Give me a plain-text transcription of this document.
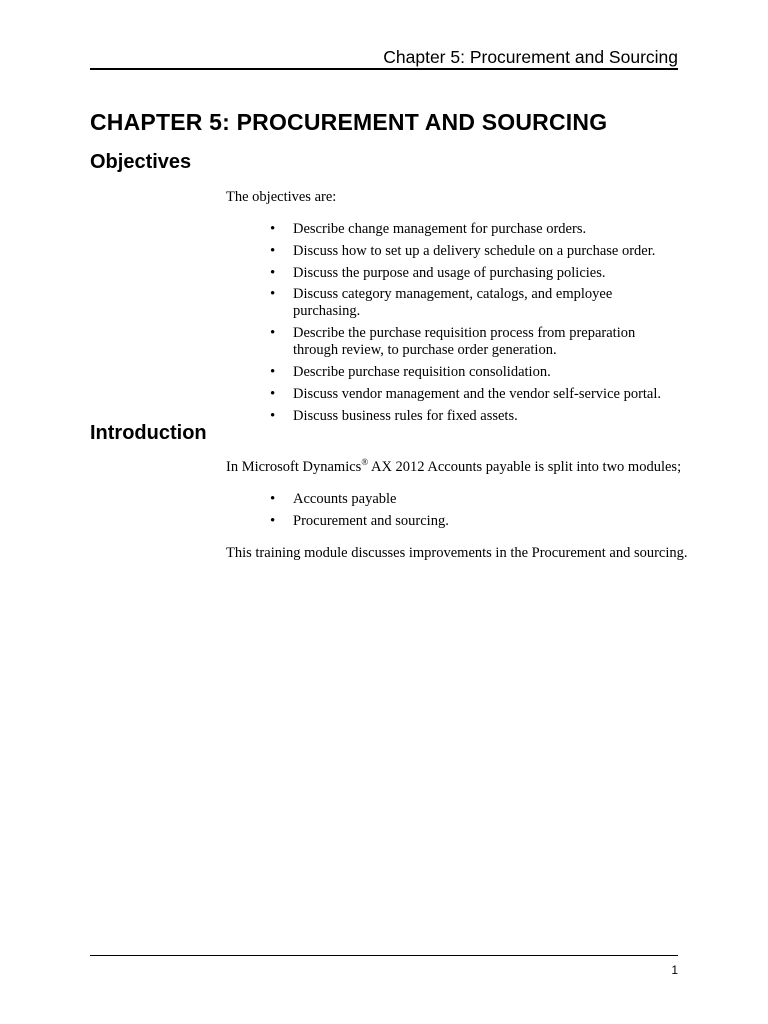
Chapter 5: Procurement and Sourcing
CHAPTER 5: PROCUREMENT AND SOURCING
Objectives

The objectives are:

• Describe change management for purchase orders.
• Discuss how to set up a delivery schedule on a purchase order.
• Discuss the purpose and usage of purchasing policies.
• Discuss category management, catalogs, and employee purchasing.
• Describe the purchase requisition process from preparation through review, to purchase order generation.
• Describe purchase requisition consolidation.
• Discuss vendor management and the vendor self-service portal.
• Discuss business rules for fixed assets.
Introduction

In Microsoft Dynamics® AX 2012 Accounts payable is split into two modules;

• Accounts payable
• Procurement and sourcing.

This training module discusses improvements in the Procurement and sourcing.

1
